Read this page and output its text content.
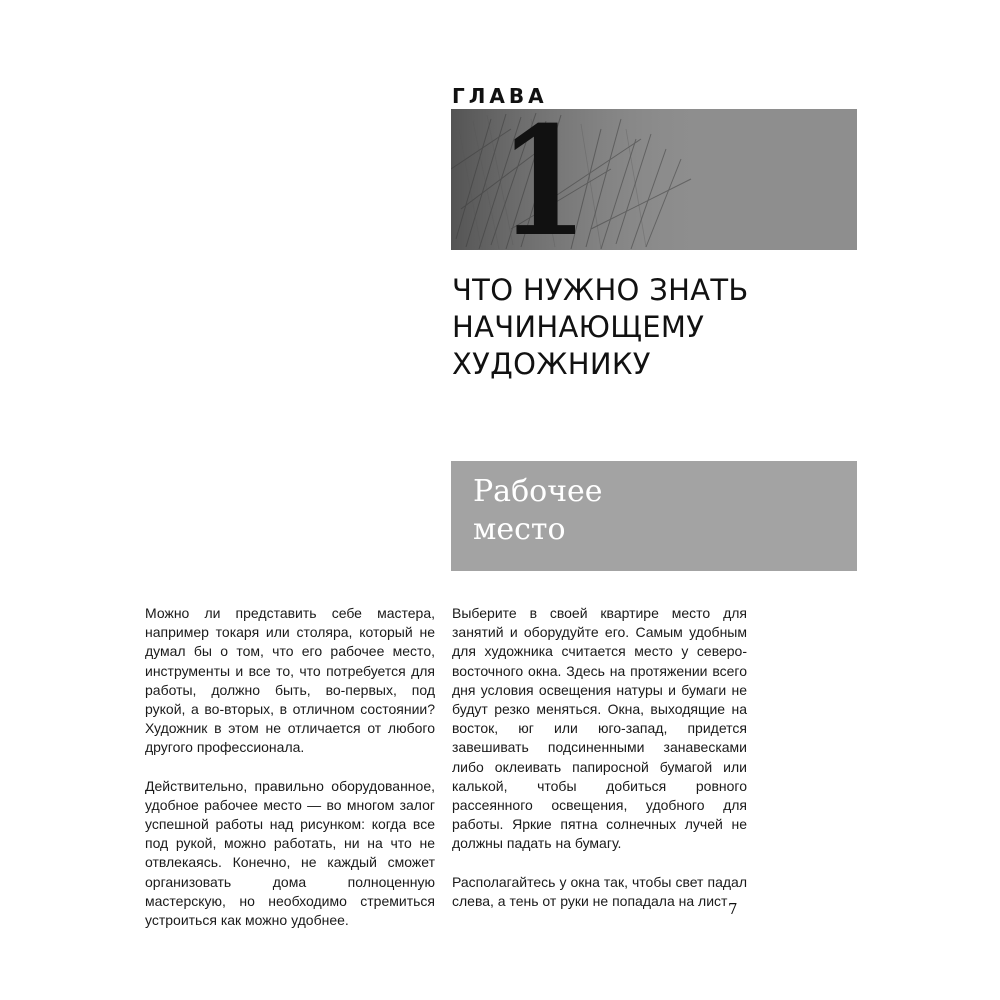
ГЛАВА
1
ЧТО НУЖНО ЗНАТЬ
НАЧИНАЮЩЕМУ
ХУДОЖНИКУ
Рабочее
место

Можно ли представить себе мастера, например токаря или столяра, который не думал бы о том, что его рабочее место, инструменты и все то, что потребуется для работы, должно быть, во-первых, под рукой, а во-вторых, в отличном состоянии? Художник в этом не отличается от любого другого профессионала.

Действительно, правильно оборудованное, удобное рабочее место — во многом залог успешной работы над рисунком: когда все под рукой, можно работать, ни на что не отвлекаясь. Конечно, не каждый сможет организовать дома полноценную мастерскую, но необходимо стремиться устроиться как можно удобнее.

Выберите в своей квартире место для занятий и оборудуйте его. Самым удобным для художника считается место у северо-восточного окна. Здесь на протяжении всего дня условия освещения натуры и бумаги не будут резко меняться. Окна, выходящие на восток, юг или юго-запад, придется завешивать подсиненными занавесками либо оклеивать папиросной бумагой или калькой, чтобы добиться ровного рассеянного освещения, удобного для работы. Яркие пятна солнечных лучей не должны падать на бумагу.

Располагайтесь у окна так, чтобы свет падал слева, а тень от руки не попадала на лист 7
